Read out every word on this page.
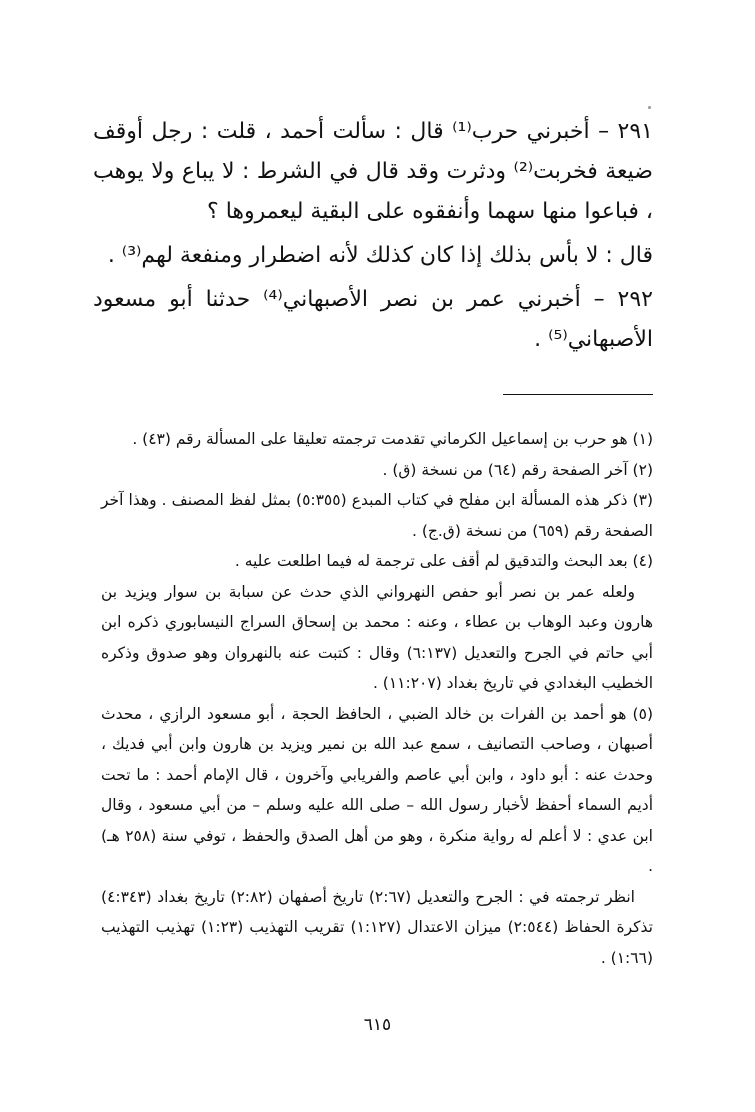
٢٩١ – أخبرني حرب⁽¹⁾ قال : سألت أحمد ، قلت : رجل أوقف ضيعة فخربت⁽²⁾ ودثرت وقد قال في الشرط : لا يباع ولا يوهب ، فباعوا منها سهما وأنفقوه على البقية ليعمروها ؟

قال : لا بأس بذلك إذا كان كذلك لأنه اضطرار ومنفعة لهم⁽³⁾ .

٢٩٢ – أخبرني عمر بن نصر الأصبهاني⁽⁴⁾ حدثنا أبو مسعود الأصبهاني⁽⁵⁾ .

(١) هو حرب بن إسماعيل الكرماني تقدمت ترجمته تعليقا على المسألة رقم (٤٣) .

(٢) آخر الصفحة رقم (٦٤) من نسخة (ق) .

(٣) ذكر هذه المسألة ابن مفلح في كتاب المبدع (٥:٣٥٥) بمثل لفظ المصنف . وهذا آخر الصفحة رقم (٦٥٩) من نسخة (ق.ج) .

(٤) بعد البحث والتدقيق لم أقف على ترجمة له فيما اطلعت عليه .

ولعله عمر بن نصر أبو حفص النهرواني الذي حدث عن سبابة بن سوار ويزيد بن هارون وعبد الوهاب بن عطاء ، وعنه : محمد بن إسحاق السراج النيسابوري ذكره ابن أبي حاتم في الجرح والتعديل (٦:١٣٧) وقال : كتبت عنه بالنهروان وهو صدوق وذكره الخطيب البغدادي في تاريخ بغداد (١١:٢٠٧) .

(٥) هو أحمد بن الفرات بن خالد الضبي ، الحافظ الحجة ، أبو مسعود الرازي ، محدث أصبهان ، وصاحب التصانيف ، سمع عبد الله بن نمير ويزيد بن هارون وابن أبي فديك ، وحدث عنه : أبو داود ، وابن أبي عاصم والفريابي وآخرون ، قال الإمام أحمد : ما تحت أديم السماء أحفظ لأخبار رسول الله – صلى الله عليه وسلم – من أبي مسعود ، وقال ابن عدي : لا أعلم له رواية منكرة ، وهو من أهل الصدق والحفظ ، توفي سنة (٢٥٨ هـ) .

انظر ترجمته في : الجرح والتعديل (٢:٦٧) تاريخ أصفهان (٢:٨٢) تاريخ بغداد (٤:٣٤٣) تذكرة الحفاظ (٢:٥٤٤) ميزان الاعتدال (١:١٢٧) تقريب التهذيب (١:٢٣) تهذيب التهذيب (١:٦٦) .

٦١٥
